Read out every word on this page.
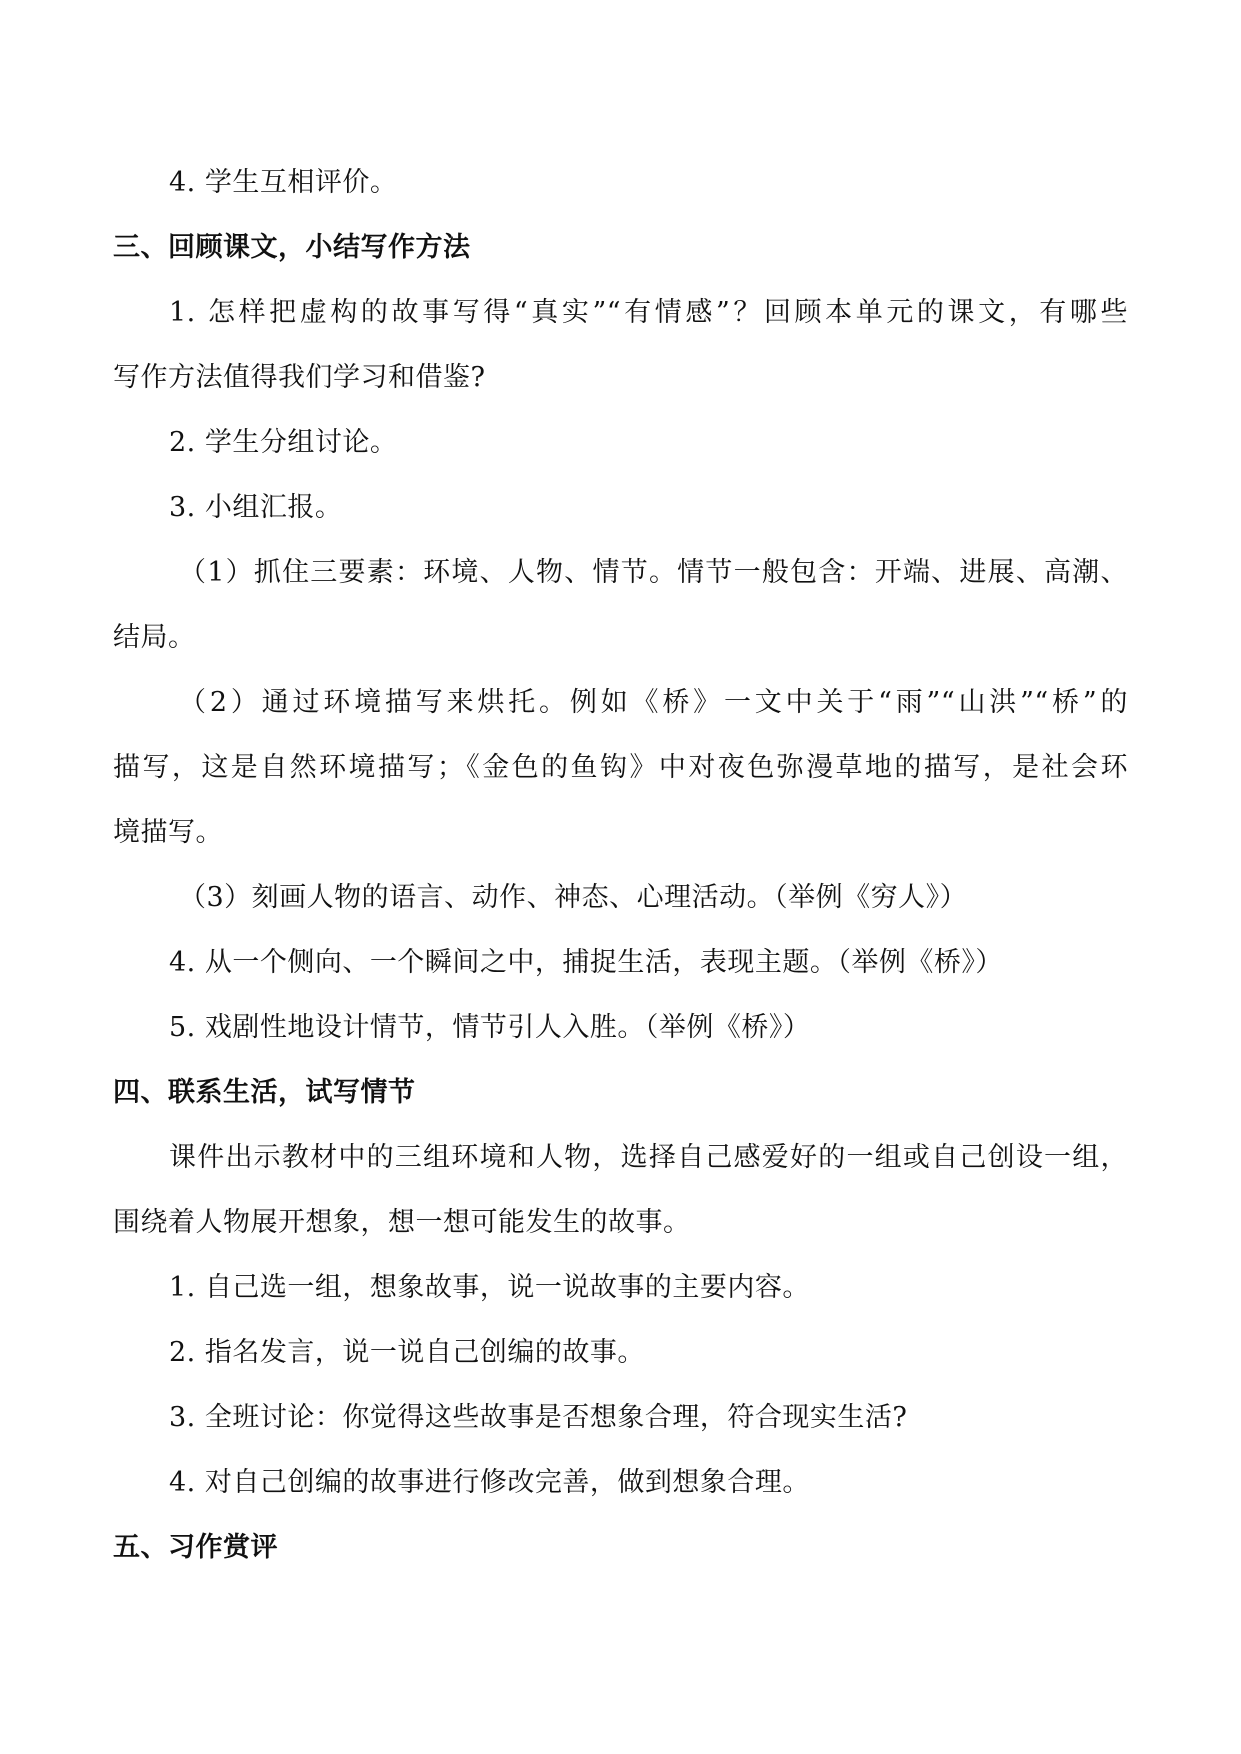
4. 学生互相评价。
三、回顾课文，小结写作方法
1. 怎样把虚构的故事写得“真实”“有情感”？回顾本单元的课文，有哪些
写作方法值得我们学习和借鉴?
2. 学生分组讨论。
3. 小组汇报。
（1）抓住三要素：环境、人物、情节。情节一般包含：开端、进展、高潮、
结局。
（2）通过环境描写来烘托。例如《桥》一文中关于“雨”“山洪”“桥”的
描写，这是自然环境描写；《金色的鱼钩》中对夜色弥漫草地的描写，是社会环
境描写。
（3）刻画人物的语言、动作、神态、心理活动。（举例《穷人》）
4. 从一个侧向、一个瞬间之中，捕捉生活，表现主题。（举例《桥》）
5. 戏剧性地设计情节，情节引人入胜。（举例《桥》）
四、联系生活，试写情节
课件出示教材中的三组环境和人物，选择自己感爱好的一组或自己创设一组，
围绕着人物展开想象，想一想可能发生的故事。
1. 自己选一组，想象故事，说一说故事的主要内容。
2. 指名发言，说一说自己创编的故事。
3. 全班讨论：你觉得这些故事是否想象合理，符合现实生活?
4. 对自己创编的故事进行修改完善，做到想象合理。
五、习作赏评
